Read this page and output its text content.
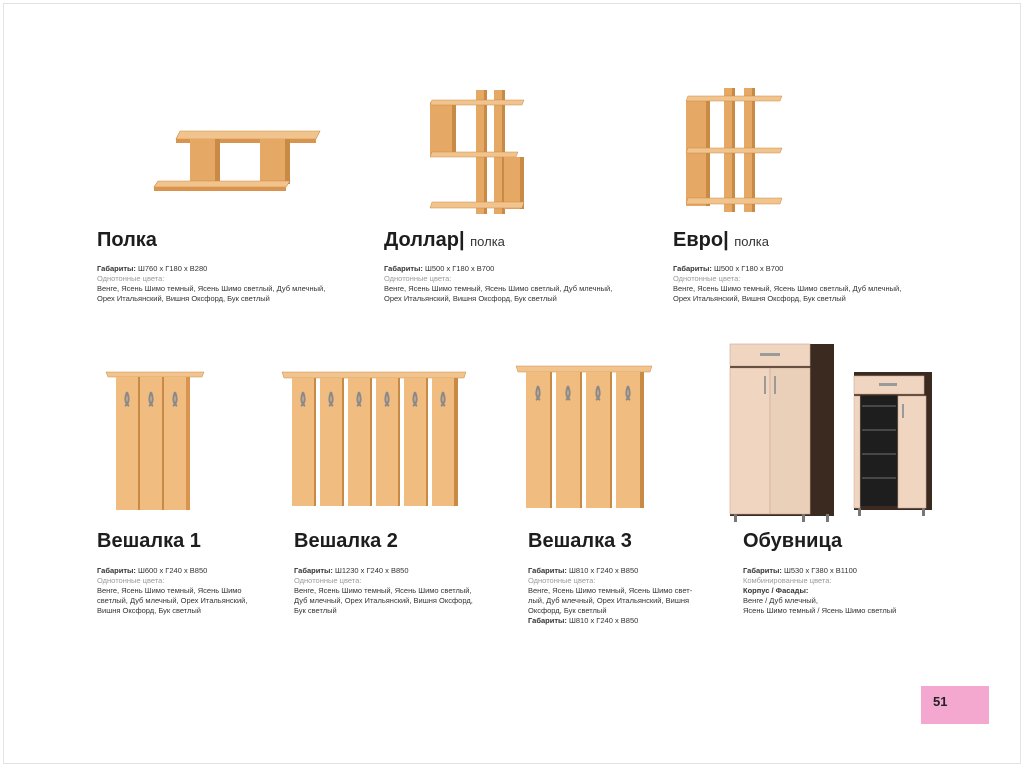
Полка
Габариты: Ш760 х Г180 х В280
Однотонные цвета:
Венге, Ясень Шимо темный, Ясень Шимо светлый, Дуб млечный,
Орех Итальянский, Вишня Оксфорд, Бук светлый
Доллар| полка
Габариты: Ш500 х Г180 х В700
Однотонные цвета:
Венге, Ясень Шимо темный, Ясень Шимо светлый, Дуб млечный,
Орех Итальянский, Вишня Оксфорд, Бук светлый
Евро| полка
Габариты: Ш500 х Г180 х В700
Однотонные цвета:
Венге, Ясень Шимо темный, Ясень Шимо светлый, Дуб млечный,
Орех Итальянский, Вишня Оксфорд, Бук светлый
Вешалка 1
Габариты: Ш600 х Г240 х В850
Однотонные цвета:
Венге, Ясень Шимо темный, Ясень Шимо
светлый, Дуб млечный, Орех Итальянский,
Вишня Оксфорд, Бук светлый
Вешалка 2
Габариты: Ш1230 х Г240 х В850
Однотонные цвета:
Венге, Ясень Шимо темный, Ясень Шимо светлый,
Дуб млечный, Орех Итальянский, Вишня Оксфорд,
Бук светлый
Вешалка 3
Габариты: Ш810 х Г240 х В850
Однотонные цвета:
Венге, Ясень Шимо темный, Ясень Шимо свет-
лый, Дуб млечный, Орех Итальянский, Вишня
Оксфорд, Бук светлый
Габариты: Ш810 х Г240 х В850
Обувница
Габариты: Ш530 х Г380 х В1100
Комбинированные цвета:
Корпус / Фасады:
Венге / Дуб млечный,
Ясень Шимо темный / Ясень Шимо светлый
51
